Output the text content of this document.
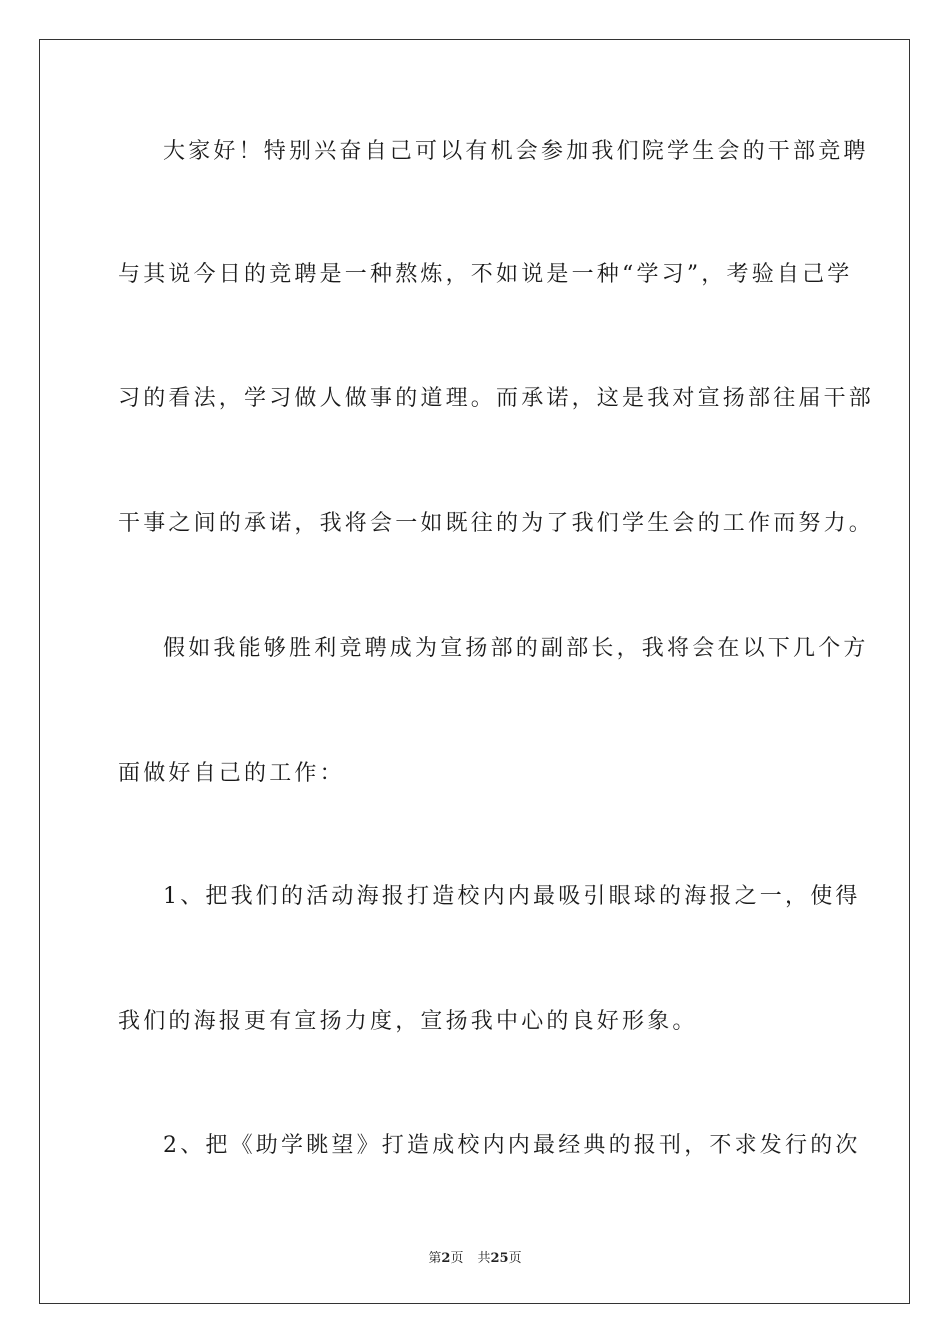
大家好！特别兴奋自己可以有机会参加我们院学生会的干部竞聘
与其说今日的竞聘是一种熬炼，不如说是一种“学习”，考验自己学
习的看法，学习做人做事的道理。而承诺，这是我对宣扬部往届干部
干事之间的承诺，我将会一如既往的为了我们学生会的工作而努力。
假如我能够胜利竞聘成为宣扬部的副部长，我将会在以下几个方
面做好自己的工作：
1、把我们的活动海报打造校内内最吸引眼球的海报之一，使得
我们的海报更有宣扬力度，宣扬我中心的良好形象。
2、把《助学眺望》打造成校内内最经典的报刊，不求发行的次
第2页 共25页
